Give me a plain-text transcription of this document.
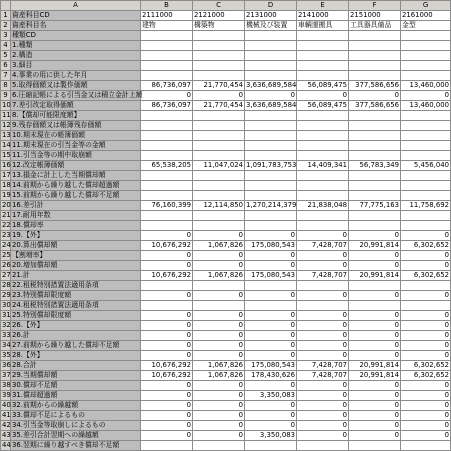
	A	B	C	D	E	F	G
1	資産科目CD	2111000	2121000	2131000	2141000	2151000	2161000
2	資産科目名	建物	構築物	機械及び装置	車輌運搬具	工具器具備品	金型
3	種類CD						
4	1.種類						
5	2.構造						
6	3.細目						
7	4.事業の用に供した年月						
8	5.取得価額又は製作価額	86,736,097	21,770,454	3,636,689,584	56,089,475	377,586,656	13,460,000
9	6.圧縮記帳による引当金又は積立金計上額	0	0	0	0	0	0
10	7.差引改定取得価額	86,736,097	21,770,454	3,636,689,584	56,089,475	377,586,656	13,460,000
11	8.【償却可能限度額】						
12	9.残存価額又は帳簿残存価額						
13	10.期末現在の帳簿価額						
14	11.期末現在の引当金等の金額						
15	11.引当金等の期中取崩額						
16	12.改定帳簿価額	65,538,205	11,047,024	1,091,783,753	14,409,341	56,783,349	5,456,040
17	13.損金に計上した当期償却額						
18	14.前期から繰り越した償却超過額						
19	15.前期から繰り越した償却不足額						
20	16.差引計	76,160,399	12,114,850	1,270,214,379	21,838,048	77,775,163	11,758,692
21	17.耐用年数						
22	18.償却率						
23	19.【外】	0	0	0	0	0	0
24	20.算出償却額	10,676,292	1,067,826	175,080,543	7,428,707	20,991,814	6,302,652
25	【割増率】	0	0	0	0	0	0
26	20.増加償却額	0	0	0	0	0	0
27	21.計	10,676,292	1,067,826	175,080,543	7,428,707	20,991,814	6,302,652
28	22.租税特別措置法適用条項						
29	23.特別償却限度額	0	0	0	0	0	0
30	24.租税特別措置法適用条項						
31	25.特別償却限度額	0	0	0	0	0	0
32	26.【外】	0	0	0	0	0	0
33	26.計	0	0	0	0	0	0
34	27.前期から繰り越した償却不足額	0	0	0	0	0	0
35	28.【外】	0	0	0	0	0	0
36	28.合計	10,676,292	1,067,826	175,080,543	7,428,707	20,991,814	6,302,652
37	29.当期償却額	10,676,292	1,067,826	178,430,626	7,428,707	20,991,814	6,302,652
38	30.償却不足額	0	0	0	0	0	0
39	31.償却超過額	0	0	3,350,083	0	0	0
40	32.前期からの繰越額	0	0	0	0	0	0
41	33.償却不足によるもの	0	0	0	0	0	0
42	34.引当金等取崩しによるもの	0	0	0	0	0	0
43	35.差引合計翌期への繰越額	0	0	3,350,083	0	0	0
44	36.翌期に繰り越すべき償却不足額						
